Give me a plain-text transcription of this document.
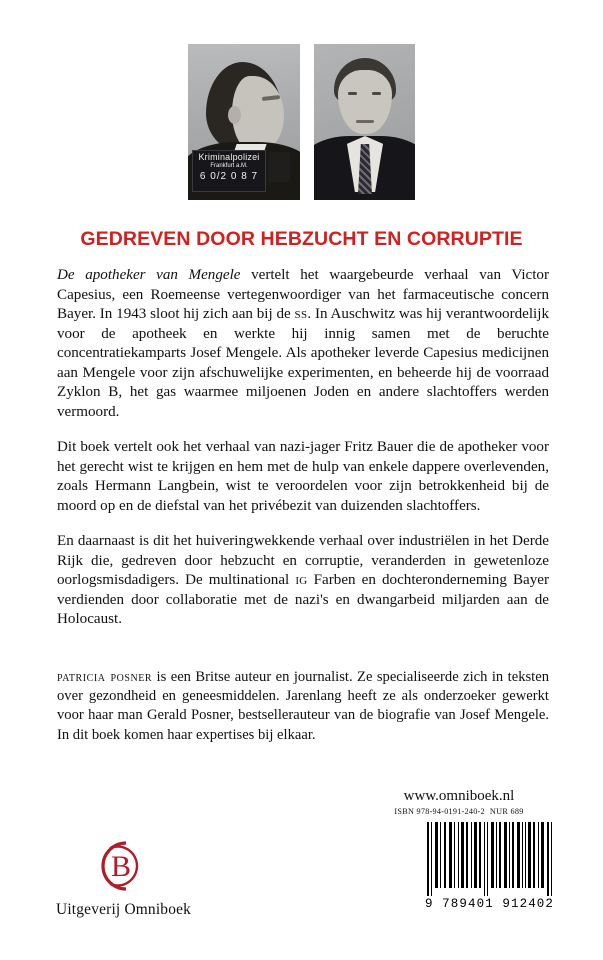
Kriminalpolizei
Frankfurt a.M.
6 0/2 0 8 7
GEDREVEN DOOR HEBZUCHT EN CORRUPTIE

De apotheker van Mengele vertelt het waargebeurde verhaal van Victor Capesius, een Roemeense vertegenwoordiger van het farmaceutische concern Bayer. In 1943 sloot hij zich aan bij de ss. In Auschwitz was hij verantwoordelijk voor de apotheek en werkte hij innig samen met de beruchte concentratiekamparts Josef Mengele. Als apotheker leverde Capesius medicijnen aan Mengele voor zijn afschuwelijke experimenten, en beheerde hij de voorraad Zyklon B, het gas waarmee miljoenen Joden en andere slachtoffers werden vermoord.

Dit boek vertelt ook het verhaal van nazi-jager Fritz Bauer die de apotheker voor het gerecht wist te krijgen en hem met de hulp van enkele dappere overlevenden, zoals Hermann Langbein, wist te veroordelen voor zijn betrokkenheid bij de moord op en de diefstal van het privébezit van duizenden slachtoffers.

En daarnaast is dit het huiveringwekkende verhaal over industriëlen in het Derde Rijk die, gedreven door hebzucht en corruptie, veranderden in gewetenloze oorlogsmisdadigers. De multinational ig Farben en dochteronderneming Bayer verdienden door collaboratie met de nazi's en dwangarbeid miljarden aan de Holocaust.

patricia posner is een Britse auteur en journalist. Ze specialiseerde zich in teksten over gezondheid en geneesmiddelen. Jarenlang heeft ze als onderzoeker gewerkt voor haar man Gerald Posner, bestsellerauteur van de biografie van Josef Mengele. In dit boek komen haar expertises bij elkaar.

www.omniboek.nl
ISBN 978-94-0191-240-2 NUR 689
9 789401 912402
B
Uitgeverij Omniboek
